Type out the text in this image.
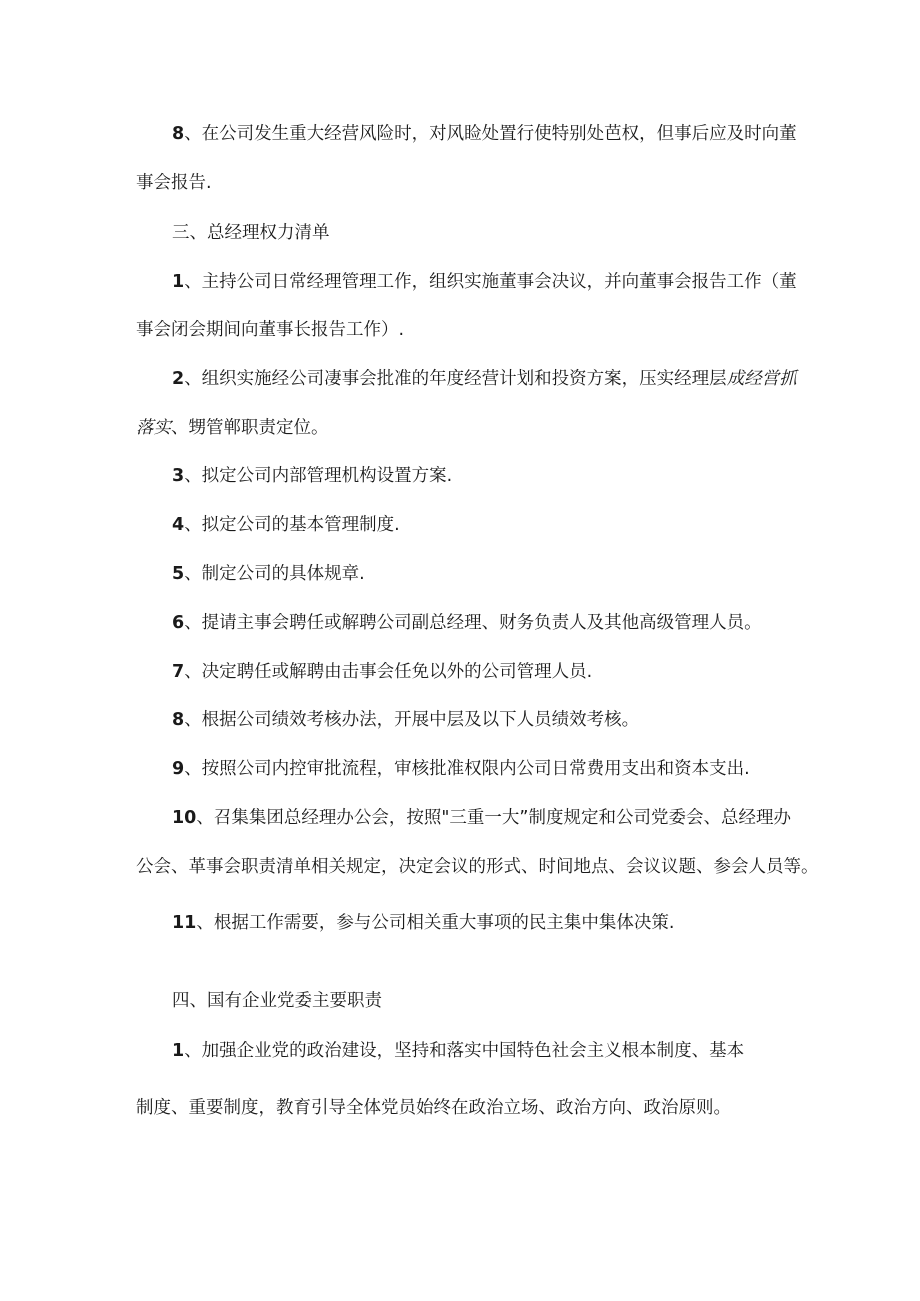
8、在公司发生重大经营风险时，对风睑处置行使特别处芭权，但事后应及时向董
事会报告.
三、总经理权力清单
1、主持公司日常经理管理工作，组织实施董事会决议，并向董事会报告工作（董
事会闭会期间向董事长报告工作）.
2、组织实施经公司凄事会批准的年度经营计划和投资方案，压实经理层成经営抓
落实、甥管郸职责定位。
3、拟定公司内部管理机构设置方案.
4、拟定公司的基本管理制度.
5、制定公司的具体规章.
6、提请主事会聘任或解聘公司副总经理、财务负责人及其他高级管理人员。
7、决定聘任或解聘由击事会任免以外的公司管理人员.
8、根据公司绩效考核办法，开展中层及以下人员绩效考核。
9、按照公司内控审批流程，审核批准权限内公司日常费用支出和资本支出.
10、召集集团总经理办公会，按照"三重一大”制度规定和公司党委会、总经理办
公会、革事会职责清单相关规定，决定会议的形式、时间地点、会议议题、参会人员等。
11、根据工作需要，参与公司相关重大事项的民主集中集体决策.
四、国有企业党委主要职责
1、加强企业党的政治建设，坚持和落实中国特色社会主义根本制度、基本
制度、重要制度，教育引导全体党员始终在政治立场、政治方向、政治原则。
